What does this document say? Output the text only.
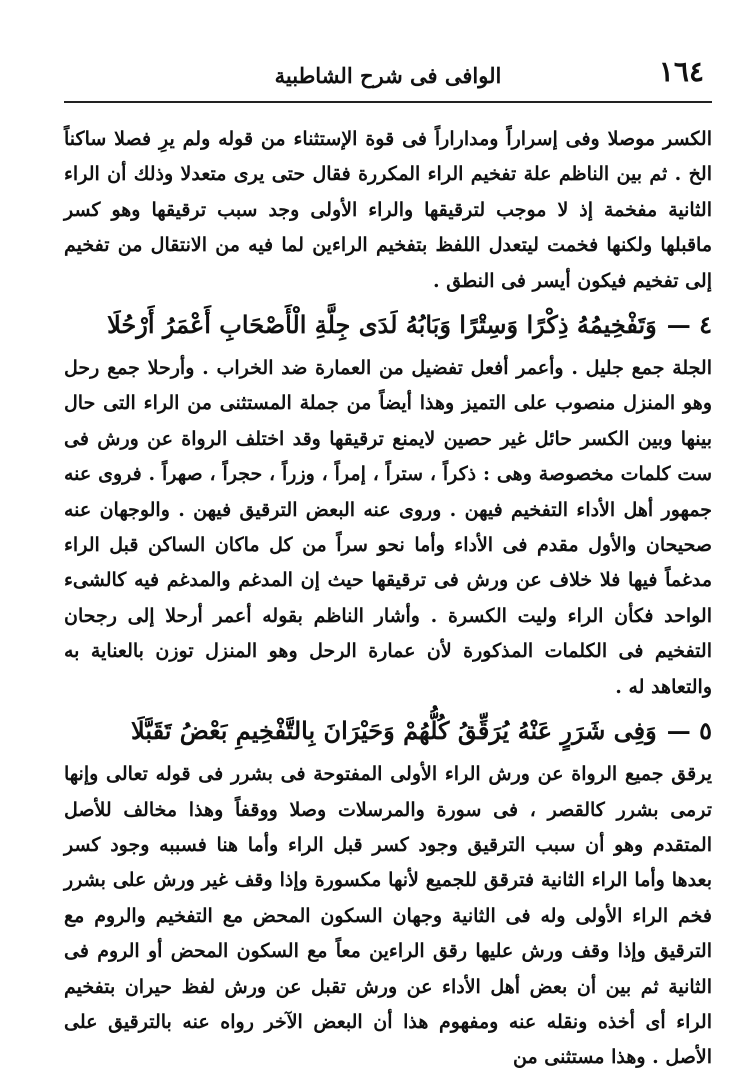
١٦٤
الوافى فى شرح الشاطبية

الكسر موصلا وفى إسراراً ومداراراً فى قوة الإستثناء من قوله ولم يرِ فصلا ساكناً الخ . ثم بين الناظم علة تفخيم الراء المكررة فقال حتى يرى متعدلا وذلك أن الراء الثانية مفخمة إذ لا موجب لترقيقها والراء الأولى وجد سبب ترقيقها وهو كسر ماقبلها ولكنها فخمت ليتعدل اللفظ بتفخيم الراءين لما فيه من الانتقال من تفخيم إلى تفخيم فيكون أيسر فى النطق .

٤ —وَتَفْخِيمُهُ ذِكْرًا وَسِتْرًا وَبَابُهُ لَدَى جِلَّةِ الْأَصْحَابِ أَعْمَرُ أَرْحُلَا

الجلة جمع جليل . وأعمر أفعل تفضيل من العمارة ضد الخراب . وأرحلا جمع رحل وهو المنزل منصوب على التميز وهذا أيضاً من جملة المستثنى من الراء التى حال بينها وبين الكسر حائل غير حصين لايمنع ترقيقها وقد اختلف الرواة عن ورش فى ست كلمات مخصوصة وهى : ذكراً ، ستراً ، إمراً ، وزراً ، حجراً ، صهراً . فروى عنه جمهور أهل الأداء التفخيم فيهن . وروى عنه البعض الترقيق فيهن . والوجهان عنه صحيحان والأول مقدم فى الأداء وأما نحو سراً من كل ماكان الساكن قبل الراء مدغماً فيها فلا خلاف عن ورش فى ترقيقها حيث إن المدغم والمدغم فيه كالشىء الواحد فكأن الراء وليت الكسرة . وأشار الناظم بقوله أعمر أرحلا إلى رجحان التفخيم فى الكلمات المذكورة لأن عمارة الرحل وهو المنزل توزن بالعناية به والتعاهد له .

٥ —وَفِى شَرَرٍ عَنْهُ يُرَقِّقُ كُلُّهُمْ وَحَيْرَانَ بِالتَّفْخِيمِ بَعْضُ تَقَبَّلَا

يرقق جميع الرواة عن ورش الراء الأولى المفتوحة فى بشرر فى قوله تعالى وإنها ترمى بشرر كالقصر ، فى سورة والمرسلات وصلا ووقفاً وهذا مخالف للأصل المتقدم وهو أن سبب الترقيق وجود كسر قبل الراء وأما هنا فسببه وجود كسر بعدها وأما الراء الثانية فترقق للجميع لأنها مكسورة وإذا وقف غير ورش على بشرر فخم الراء الأولى وله فى الثانية وجهان السكون المحض مع التفخيم والروم مع الترقيق وإذا وقف ورش عليها رقق الراءين معاً مع السكون المحض أو الروم فى الثانية ثم بين أن بعض أهل الأداء عن ورش تقبل عن ورش لفظ حيران بتفخيم الراء أى أخذه ونقله عنه ومفهوم هذا أن البعض الآخر رواه عنه بالترقيق على الأصل . وهذا مستثنى من
